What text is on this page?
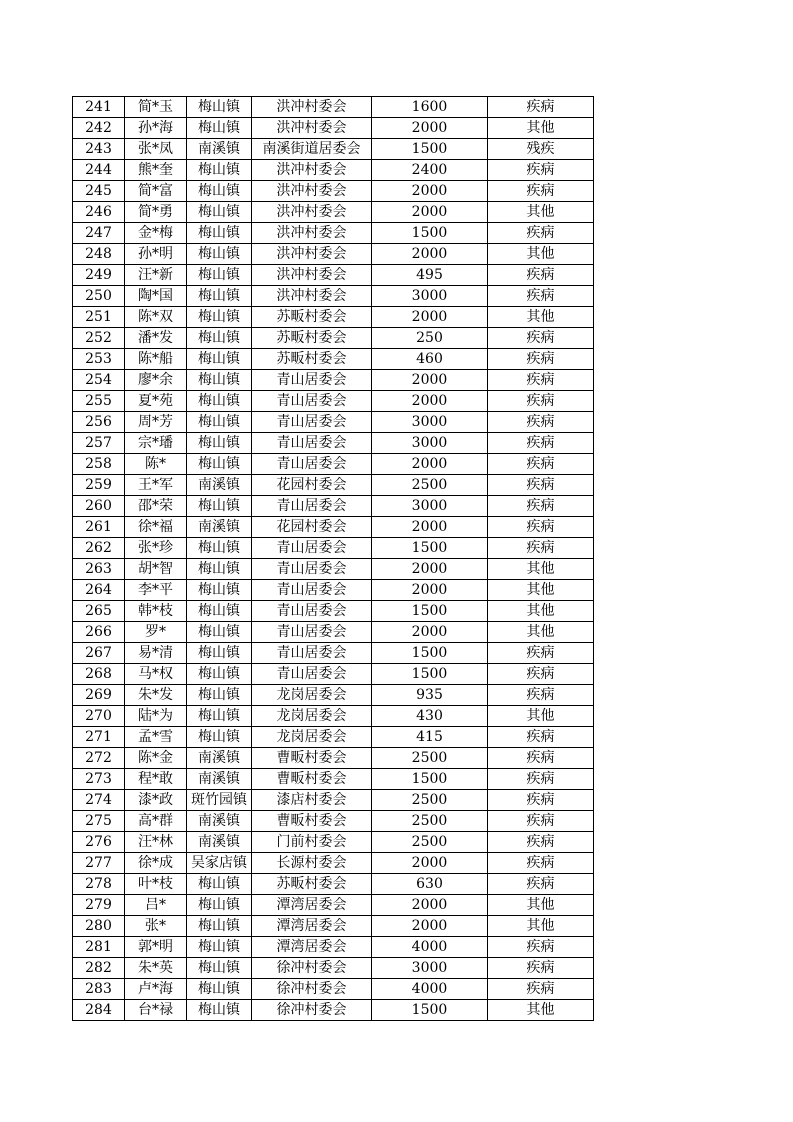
241	简*玉	梅山镇	洪冲村委会	1600	疾病
242	孙*海	梅山镇	洪冲村委会	2000	其他
243	张*凤	南溪镇	南溪街道居委会	1500	残疾
244	熊*奎	梅山镇	洪冲村委会	2400	疾病
245	简*富	梅山镇	洪冲村委会	2000	疾病
246	简*勇	梅山镇	洪冲村委会	2000	其他
247	金*梅	梅山镇	洪冲村委会	1500	疾病
248	孙*明	梅山镇	洪冲村委会	2000	其他
249	汪*新	梅山镇	洪冲村委会	495	疾病
250	陶*国	梅山镇	洪冲村委会	3000	疾病
251	陈*双	梅山镇	苏畈村委会	2000	其他
252	潘*发	梅山镇	苏畈村委会	250	疾病
253	陈*船	梅山镇	苏畈村委会	460	疾病
254	廖*余	梅山镇	青山居委会	2000	疾病
255	夏*苑	梅山镇	青山居委会	2000	疾病
256	周*芳	梅山镇	青山居委会	3000	疾病
257	宗*璠	梅山镇	青山居委会	3000	疾病
258	陈*	梅山镇	青山居委会	2000	疾病
259	王*军	南溪镇	花园村委会	2500	疾病
260	邵*荣	梅山镇	青山居委会	3000	疾病
261	徐*福	南溪镇	花园村委会	2000	疾病
262	张*珍	梅山镇	青山居委会	1500	疾病
263	胡*智	梅山镇	青山居委会	2000	其他
264	李*平	梅山镇	青山居委会	2000	其他
265	韩*枝	梅山镇	青山居委会	1500	其他
266	罗*	梅山镇	青山居委会	2000	其他
267	易*清	梅山镇	青山居委会	1500	疾病
268	马*权	梅山镇	青山居委会	1500	疾病
269	朱*发	梅山镇	龙岗居委会	935	疾病
270	陆*为	梅山镇	龙岗居委会	430	其他
271	孟*雪	梅山镇	龙岗居委会	415	疾病
272	陈*金	南溪镇	曹畈村委会	2500	疾病
273	程*敢	南溪镇	曹畈村委会	1500	疾病
274	漆*政	斑竹园镇	漆店村委会	2500	疾病
275	高*群	南溪镇	曹畈村委会	2500	疾病
276	汪*林	南溪镇	门前村委会	2500	疾病
277	徐*成	吴家店镇	长源村委会	2000	疾病
278	叶*枝	梅山镇	苏畈村委会	630	疾病
279	吕*	梅山镇	潭湾居委会	2000	其他
280	张*	梅山镇	潭湾居委会	2000	其他
281	郭*明	梅山镇	潭湾居委会	4000	疾病
282	朱*英	梅山镇	徐冲村委会	3000	疾病
283	卢*海	梅山镇	徐冲村委会	4000	疾病
284	台*禄	梅山镇	徐冲村委会	1500	其他
